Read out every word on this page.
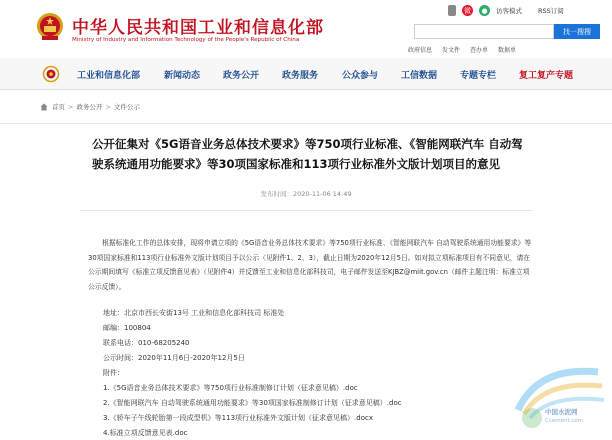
中华人民共和国工业和信息化部
Ministry of Industry and Information Technology of the People's Republic of China
微	●	访客模式 RSS订阅
找一搜搜
政府信息 发文件 查办单 数据单
工业和信息化部	新闻动态	政务公开	政务服务	公众参与	工信数据	专题专栏	复工复产专题
首页 > 政务公开 > 文件公示
公开征集对《5G语音业务总体技术要求》等750项行业标准、《智能网联汽车 自动驾驶系统通用功能要求》等30项国家标准和113项行业标准外文版计划项目的意见
发布时间：2020-11-06 14:49

根据标准化工作的总体安排，现将申请立项的《5G语音业务总体技术要求》等750项行业标准、《智能网联汽车 自动驾驶系统通用功能要求》等30项国家标准和113项行业标准外文版计划项目予以公示（见附件1、2、3），截止日期为2020年12月5日。如对拟立项标准项目有不同意见，请在公示期间填写《标准立项反馈意见表》（见附件4）并反馈至工业和信息化部科技司，电子邮件发送至KJBZ@miit.gov.cn（邮件主题注明：标准立项公示反馈）。

地址：北京市西长安街13号 工业和信息化部科技司 标准处
邮编：100804
联系电话：010-68205240
公示时间：2020年11月6日-2020年12月5日
附件：
1.《5G语音业务总体技术要求》等750项行业标准制修订计划（征求意见稿）.doc
2.《智能网联汽车 自动驾驶系统通用功能要求》等30项国家标准制修订计划（征求意见稿）.doc
3.《轿车子午线轮胎第一段成型机》等113项行业标准外文版计划（征求意见稿）.docx
4.标准立项反馈意见表.doc
中国水泥网
Ccement.com
